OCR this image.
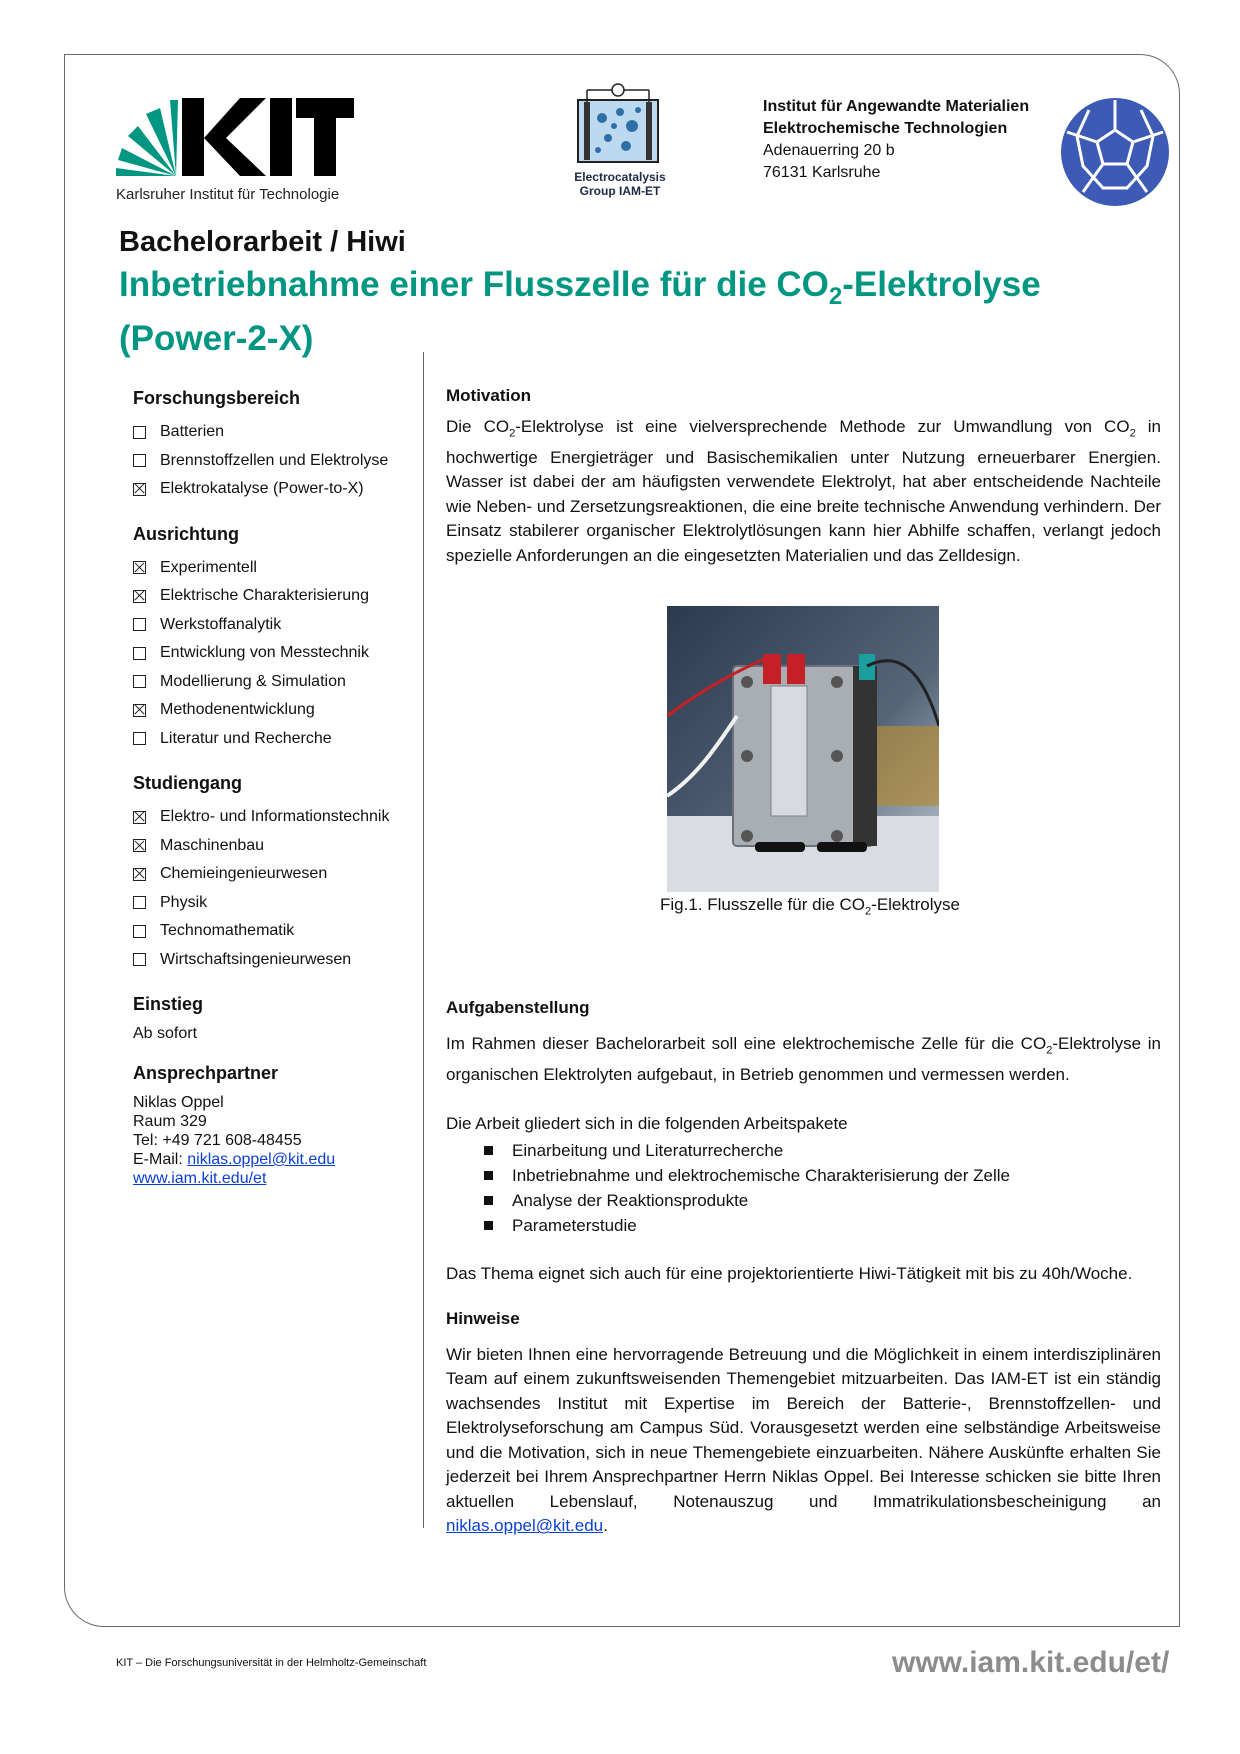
Karlsruher Institut für Technologie
Electrocatalysis
Group IAM-ET
Institut für Angewandte Materialien
Elektrochemische Technologien
Adenauerring 20 b
76131 Karlsruhe
Bachelorarbeit / Hiwi
Inbetriebnahme einer Flusszelle für die $CO_2$-Elektrolyse (Power-2-X)
Forschungsbereich
Batterien
Brennstoffzellen und Elektrolyse
Elektrokatalyse (Power-to-X)
Ausrichtung
Experimentell
Elektrische Charakterisierung
Werkstoffanalytik
Entwicklung von Messtechnik
Modellierung & Simulation
Methodenentwicklung
Literatur und Recherche
Studiengang
Elektro- und Informationstechnik
Maschinenbau
Chemieingenieurwesen
Physik
Technomathematik
Wirtschaftsingenieurwesen
Einstieg
Ab sofort
Ansprechpartner
Niklas Oppel
Raum 329
Tel: +49 721 608-48455
E-Mail: niklas.oppel@kit.edu
www.iam.kit.edu/et
Motivation

Die $CO_2$-Elektrolyse ist eine vielversprechende Methode zur Umwandlung von $CO_2$ in hochwertige Energieträger und Basischemikalien unter Nutzung erneuerbarer Energien. Wasser ist dabei der am häufigsten verwendete Elektrolyt, hat aber entscheidende Nachteile wie Neben- und Zersetzungsreaktionen, die eine breite technische Anwendung verhindern. Der Einsatz stabilerer organischer Elektrolytlösungen kann hier Abhilfe schaffen, verlangt jedoch spezielle Anforderungen an die eingesetzten Materialien und das Zelldesign.

Aufgabenstellung

Im Rahmen dieser Bachelorarbeit soll eine elektrochemische Zelle für die $CO_2$-Elektrolyse in organischen Elektrolyten aufgebaut, in Betrieb genommen und vermessen werden.

Die Arbeit gliedert sich in die folgenden Arbeitspakete

Einarbeitung und Literaturrecherche
Inbetriebnahme und elektrochemische Charakterisierung der Zelle
Analyse der Reaktionsprodukte
Parameterstudie

Das Thema eignet sich auch für eine projektorientierte Hiwi-Tätigkeit mit bis zu 40h/Woche.

Hinweise

Wir bieten Ihnen eine hervorragende Betreuung und die Möglichkeit in einem interdisziplinären Team auf einem zukunftsweisenden Themengebiet mitzuarbeiten. Das IAM-ET ist ein ständig wachsendes Institut mit Expertise im Bereich der Batterie-, Brennstoffzellen- und Elektrolyseforschung am Campus Süd. Vorausgesetzt werden eine selbständige Arbeitsweise und die Motivation, sich in neue Themengebiete einzuarbeiten. Nähere Auskünfte erhalten Sie jederzeit bei Ihrem Ansprechpartner Herrn Niklas Oppel. Bei Interesse schicken sie bitte Ihren aktuellen Lebenslauf, Notenauszug und Immatrikulationsbescheinigung an niklas.oppel@kit.edu.

Fig.1. Flusszelle für die $CO_2$-Elektrolyse
KIT – Die Forschungsuniversität in der Helmholtz-Gemeinschaft	www.iam.kit.edu/et/
